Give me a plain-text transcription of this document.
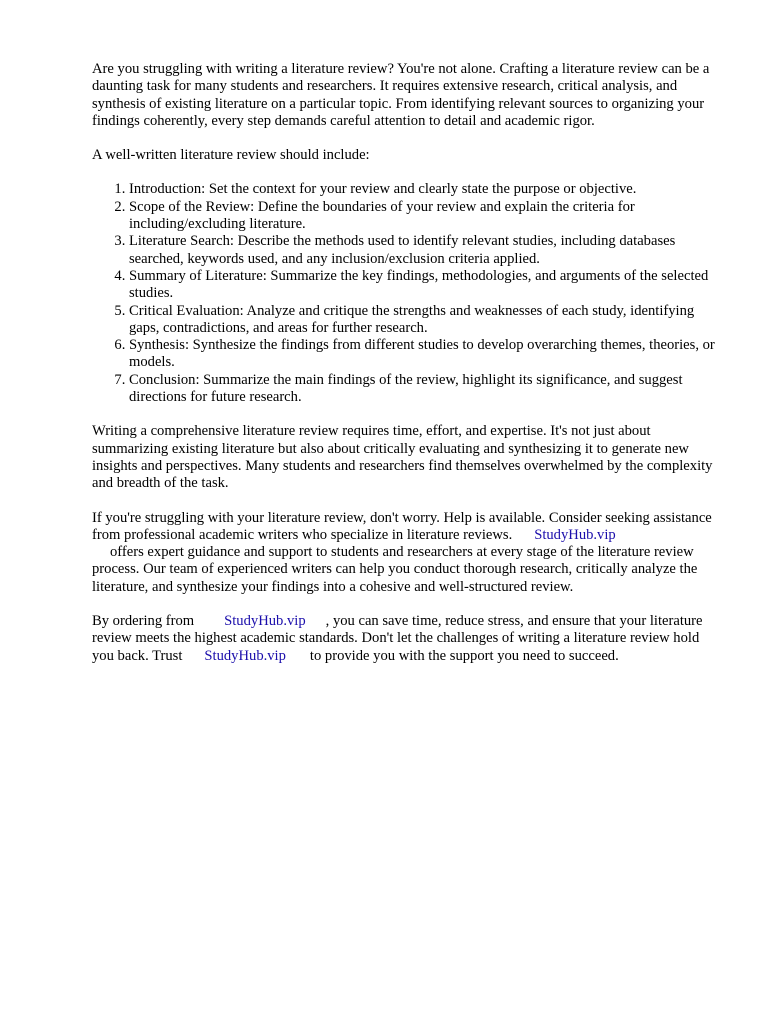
Are you struggling with writing a literature review? You're not alone. Crafting a literature review can be a daunting task for many students and researchers. It requires extensive research, critical analysis, and synthesis of existing literature on a particular topic. From identifying relevant sources to organizing your findings coherently, every step demands careful attention to detail and academic rigor.

A well-written literature review should include:

1. Introduction: Set the context for your review and clearly state the purpose or objective.
2. Scope of the Review: Define the boundaries of your review and explain the criteria for including/excluding literature.
3. Literature Search: Describe the methods used to identify relevant studies, including databases searched, keywords used, and any inclusion/exclusion criteria applied.
4. Summary of Literature: Summarize the key findings, methodologies, and arguments of the selected studies.
5. Critical Evaluation: Analyze and critique the strengths and weaknesses of each study, identifying gaps, contradictions, and areas for further research.
6. Synthesis: Synthesize the findings from different studies to develop overarching themes, theories, or models.
7. Conclusion: Summarize the main findings of the review, highlight its significance, and suggest directions for future research.

Writing a comprehensive literature review requires time, effort, and expertise. It's not just about summarizing existing literature but also about critically evaluating and synthesizing it to generate new insights and perspectives. Many students and researchers find themselves overwhelmed by the complexity and breadth of the task.

If you're struggling with your literature review, don't worry. Help is available. Consider seeking assistance from professional academic writers who specialize in literature reviews. StudyHub.vip
offers expert guidance and support to students and researchers at every stage of the literature review process. Our team of experienced writers can help you conduct thorough research, critically analyze the literature, and synthesize your findings into a cohesive and well-structured review.

By ordering from StudyHub.vip , you can save time, reduce stress, and ensure that your literature review meets the highest academic standards. Don't let the challenges of writing a literature review hold you back. Trust StudyHub.vip to provide you with the support you need to succeed.
